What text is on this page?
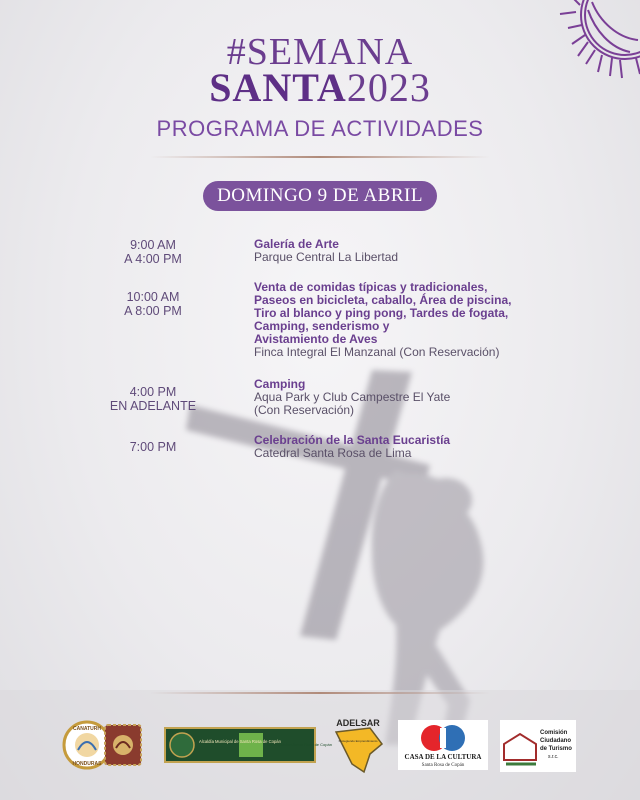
#SEMANA
SANTA2023
PROGRAMA DE ACTIVIDADES
DOMINGO 9 DE ABRIL
9:00 AM
A 4:00 PM
Galería de Arte
Parque Central La Libertad
10:00 AM
A 8:00 PM
Venta de comidas típicas y tradicionales,
Paseos en bicicleta, caballo, Área de piscina,
Tiro al blanco y ping pong, Tardes de fogata,
Camping, senderismo y
Avistamiento de Aves
Finca Integral El Manzanal (Con Reservación)
4:00 PM
EN ADELANTE
Camping
Aqua Park y Club Campestre El Yate
(Con Reservación)
7:00 PM	Celebración de la Santa Eucaristía
Catedral Santa Rosa de Lima
CANATURH
HONDURAS
Alcaldía Municipal de Santa Rosa de Copán
Municipalidad Santa Rosa de Copán
ADELSAR
Protegiendo Emprendimiento
CASA DE LA CULTURA
Santa Rosa de Copán
Comisión
Ciudadano
de Turismo
s.r.c.
